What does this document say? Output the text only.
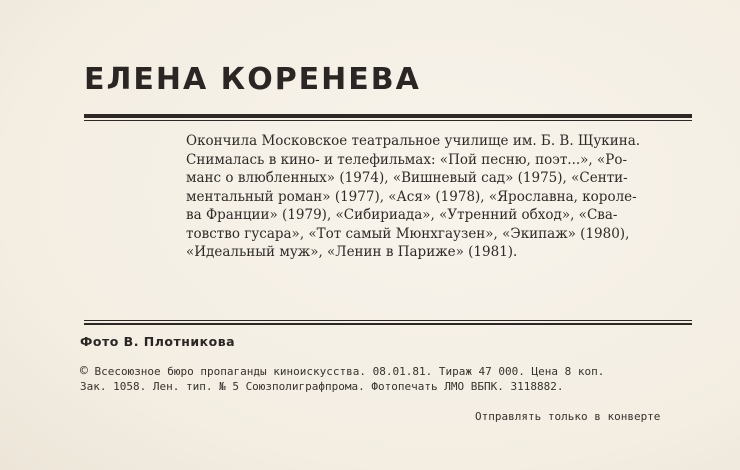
ЕЛЕНА КОРЕНЕВА
Окончила Московское театральное училище им. Б. В. Щукина.
Снималась в кино- и телефильмах: «Пой песню, поэт...», «Ро-
манс о влюбленных» (1974), «Вишневый сад» (1975), «Сенти-
ментальный роман» (1977), «Ася» (1978), «Ярославна, короле-
ва Франции» (1979), «Сибириада», «Утренний обход», «Сва-
товство гусара», «Тот самый Мюнхгаузен», «Экипаж» (1980),
«Идеальный муж», «Ленин в Париже» (1981).
Фото В. Плотникова
© Всесоюзное бюро пропаганды киноискусства. 08.01.81. Тираж 47 000. Цена 8 коп.
Зак. 1058. Лен. тип. № 5 Союзполиграфпрома. Фотопечать ЛМО ВБПК. 3118882.
Отправлять только в конверте
